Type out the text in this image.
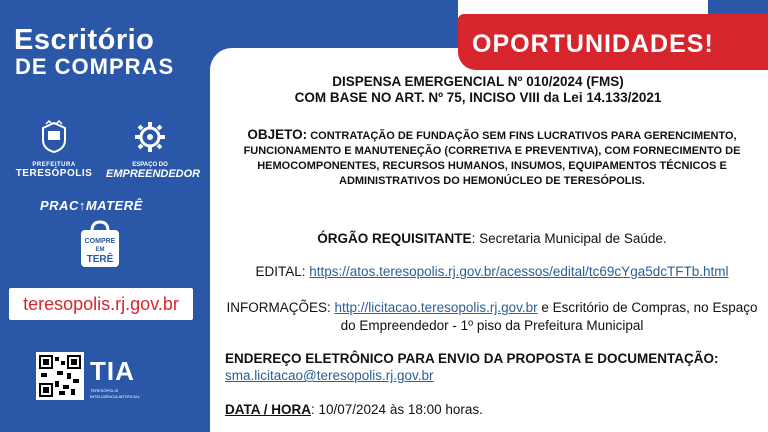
Escritório
DE COMPRAS
PREFEITURA
TERESÓPOLIS
ESPAÇO DO
EMPREENDEDOR
PRAC↑MATERÊ
COMPRE
EM
TERÊ
teresopolis.rj.gov.br
TIA
TERESÓPOLIS
INTELIGÊNCIA ARTIFICIAL
OPORTUNIDADES!
DISPENSA EMERGENCIAL Nº 010/2024 (FMS)
COM BASE NO ART. Nº 75, INCISO VIII da Lei 14.133/2021
OBJETO: CONTRATAÇÃO DE FUNDAÇÃO SEM FINS LUCRATIVOS PARA GERENCIMENTO, FUNCIONAMENTO E MANUTENEÇÃO (CORRETIVA E PREVENTIVA), COM FORNECIMENTO DE HEMOCOMPONENTES, RECURSOS HUMANOS, INSUMOS, EQUIPAMENTOS TÉCNICOS E ADMINISTRATIVOS DO HEMONÚCLEO DE TERESÓPOLIS.
ÓRGÃO REQUISITANTE: Secretaria Municipal de Saúde.
EDITAL: https://atos.teresopolis.rj.gov.br/acessos/edital/tc69cYga5dcTFTb.html
INFORMAÇÕES: http://licitacao.teresopolis.rj.gov.br e Escritório de Compras, no Espaço do Empreendedor - 1º piso da Prefeitura Municipal
ENDEREÇO ELETRÔNICO PARA ENVIO DA PROPOSTA E DOCUMENTAÇÃO:
sma.licitacao@teresopolis.rj.gov.br
DATA / HORA: 10/07/2024 às 18:00 horas.
